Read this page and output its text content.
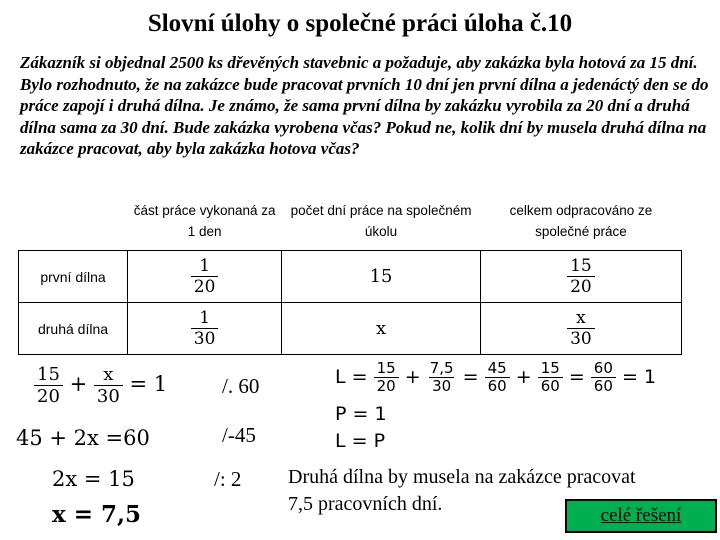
Slovní úlohy o společné práci úloha č.10
Zákazník si objednal 2500 ks dřevěných stavebnic a požaduje, aby zakázka byla hotová za 15 dní. Bylo rozhodnuto, že na zakázce bude pracovat prvních 10 dní jen první dílna a jedenáctý den se do práce zapojí i druhá dílna. Je známo, že sama první dílna by zakázku vyrobila za 20 dní a druhá dílna sama za 30 dní. Bude zakázka vyrobena včas? Pokud ne, kolik dní by musela druhá dílna na zakázce pracovat, aby byla zakázka hotova včas?
	část práce vykonaná za 1 den	počet dní práce na společném úkolu	celkem odpracováno ze společné práce
první dílna	$\frac{1}{20}$	15	$\frac{15}{20}$

druhá dílna	$\frac{1}{30}$	x	$\frac{x}{30}$
$\frac{15}{20} + \frac{x}{30} = 1$	/. 60
45 + 2x =60	/-45
2x = 15	/: 2
x = 7,5
$L = \frac{15}{20} + \frac{7,5}{30} = \frac{45}{60} + \frac{15}{60} = \frac{60}{60} = 1$
P = 1
L = P
Druhá dílna by musela na zakázce pracovat 7,5 pracovních dní.
celé řešení
